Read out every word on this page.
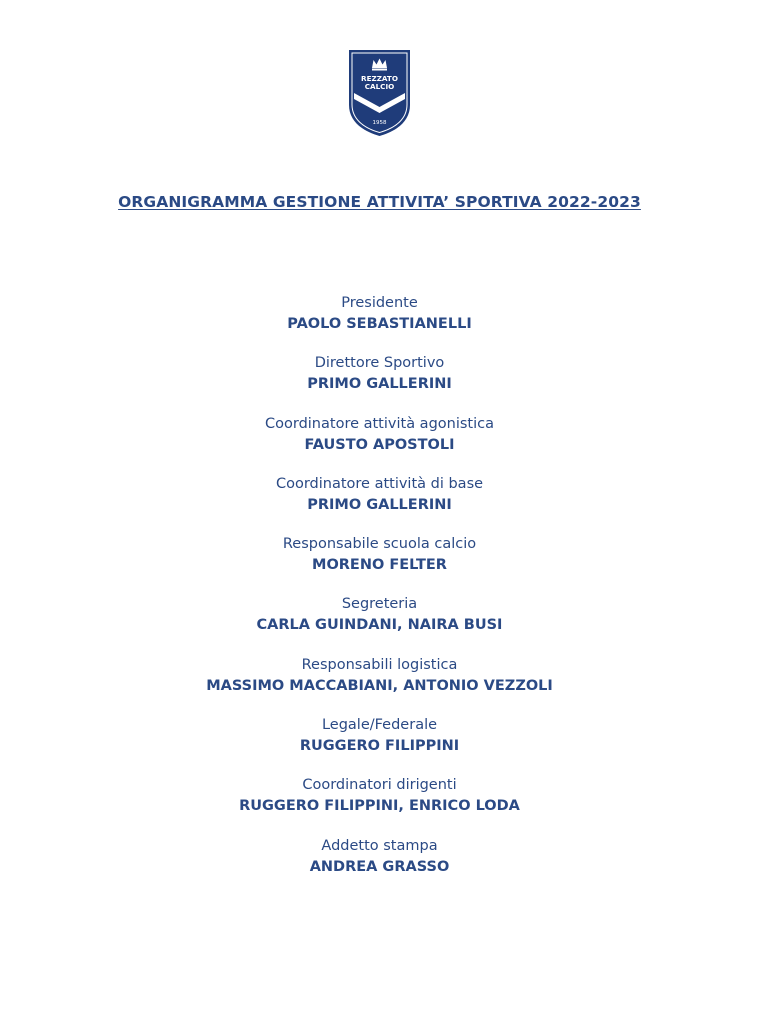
REZZATO
CALCIO
1958
ORGANIGRAMMA GESTIONE ATTIVITA’ SPORTIVA 2022-2023
Presidente
PAOLO SEBASTIANELLI
Direttore Sportivo
PRIMO GALLERINI
Coordinatore attività agonistica
FAUSTO APOSTOLI
Coordinatore attività di base
PRIMO GALLERINI
Responsabile scuola calcio
MORENO FELTER
Segreteria
CARLA GUINDANI, NAIRA BUSI
Responsabili logistica
MASSIMO MACCABIANI, ANTONIO VEZZOLI
Legale/Federale
RUGGERO FILIPPINI
Coordinatori dirigenti
RUGGERO FILIPPINI, ENRICO LODA
Addetto stampa
ANDREA GRASSO
